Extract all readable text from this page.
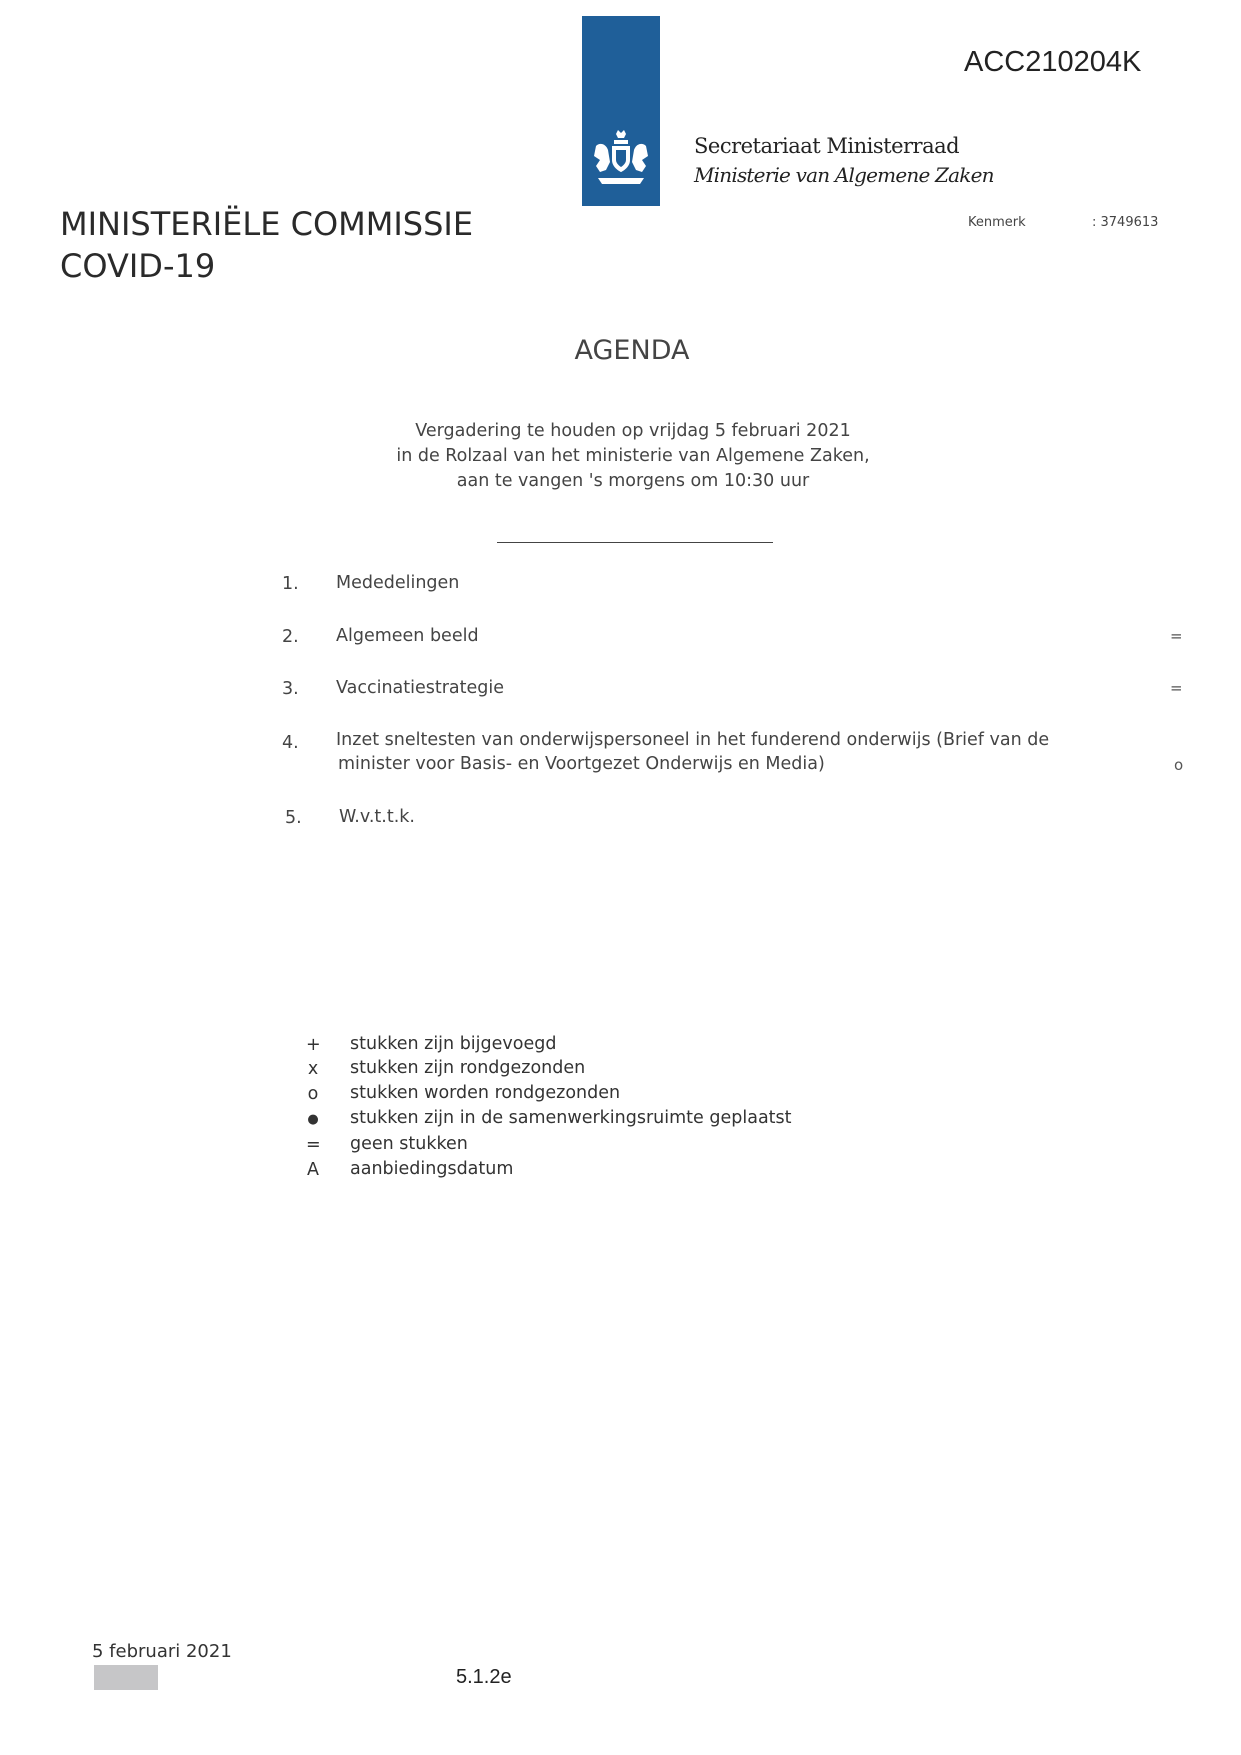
ACC210204K
Secretariaat Ministerraad
Ministerie van Algemene Zaken
Kenmerk	: 3749613
MINISTERIËLE COMMISSIE
COVID-19
AGENDA
Vergadering te houden op vrijdag 5 februari 2021
in de Rolzaal van het ministerie van Algemene Zaken,
aan te vangen 's morgens om 10:30 uur
1. Mededelingen
2. Algemeen beeld	=
3. Vaccinatiestrategie	=
4. Inzet sneltesten van onderwijspersoneel in het funderend onderwijs (Brief van de
minister voor Basis- en Voortgezet Onderwijs en Media)	o
5. W.v.t.t.k.
+ stukken zijn bijgevoegd
x stukken zijn rondgezonden
o stukken worden rondgezonden
● stukken zijn in de samenwerkingsruimte geplaatst
= geen stukken
A aanbiedingsdatum
5 februari 2021
5.1.2e
